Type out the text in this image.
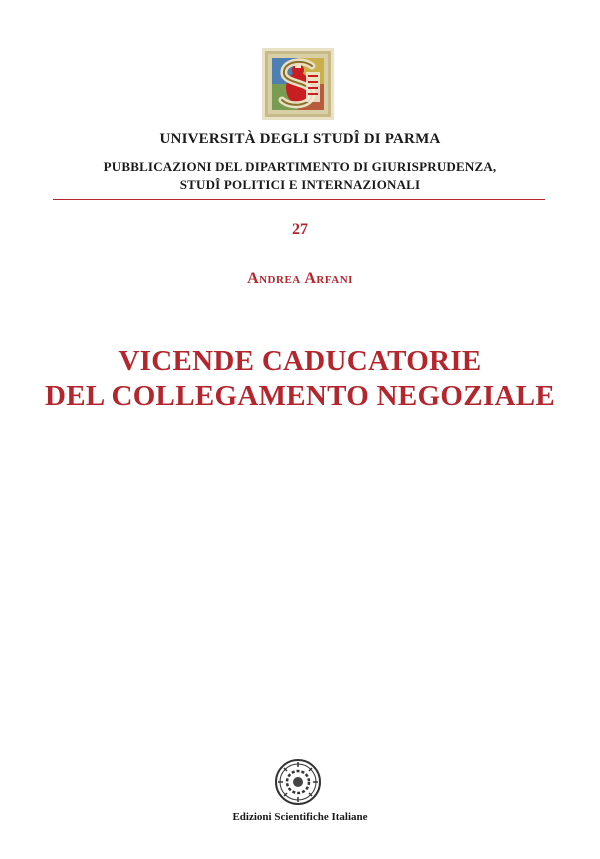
UNIVERSITÀ DEGLI STUDÎ DI PARMA
PUBBLICAZIONI DEL DIPARTIMENTO DI GIURISPRUDENZA,
STUDÎ POLITICI E INTERNAZIONALI
27
Andrea Arfani
VICENDE CADUCATORIE
DEL COLLEGAMENTO NEGOZIALE
Edizioni Scientifiche Italiane
